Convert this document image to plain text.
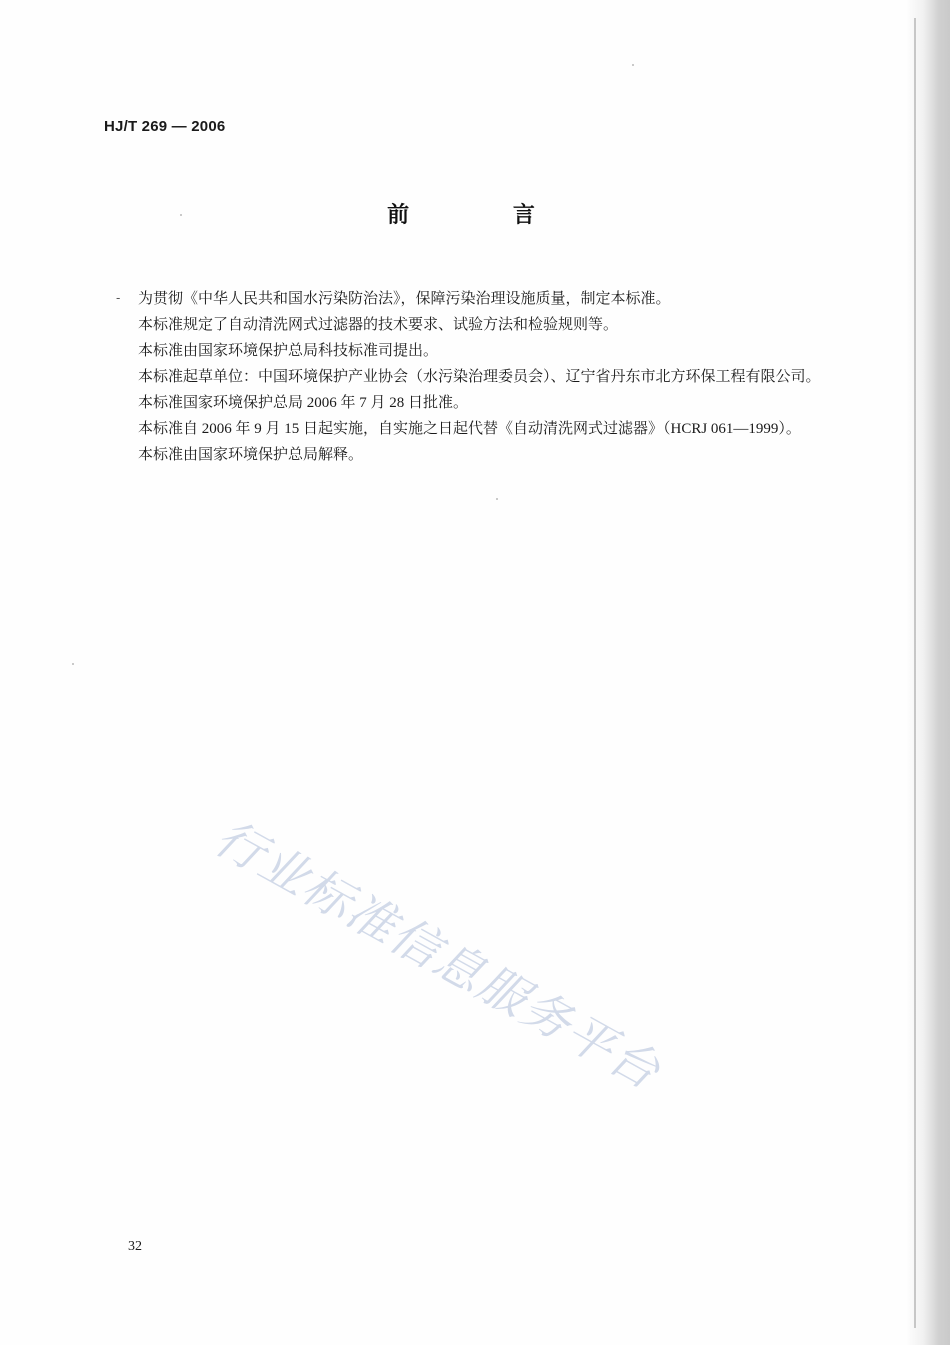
HJ/T 269 — 2006
前 言
-	为贯彻《中华人民共和国水污染防治法》，保障污染治理设施质量，制定本标准。

本标准规定了自动清洗网式过滤器的技术要求、试验方法和检验规则等。

本标准由国家环境保护总局科技标准司提出。

本标准起草单位：中国环境保护产业协会（水污染治理委员会）、辽宁省丹东市北方环保工程有限公司。

本标准国家环境保护总局 2006 年 7 月 28 日批准。

本标准自 2006 年 9 月 15 日起实施，自实施之日起代替《自动清洗网式过滤器》（HCRJ 061—1999）。

本标准由国家环境保护总局解释。

行业标准信息服务平台
32
